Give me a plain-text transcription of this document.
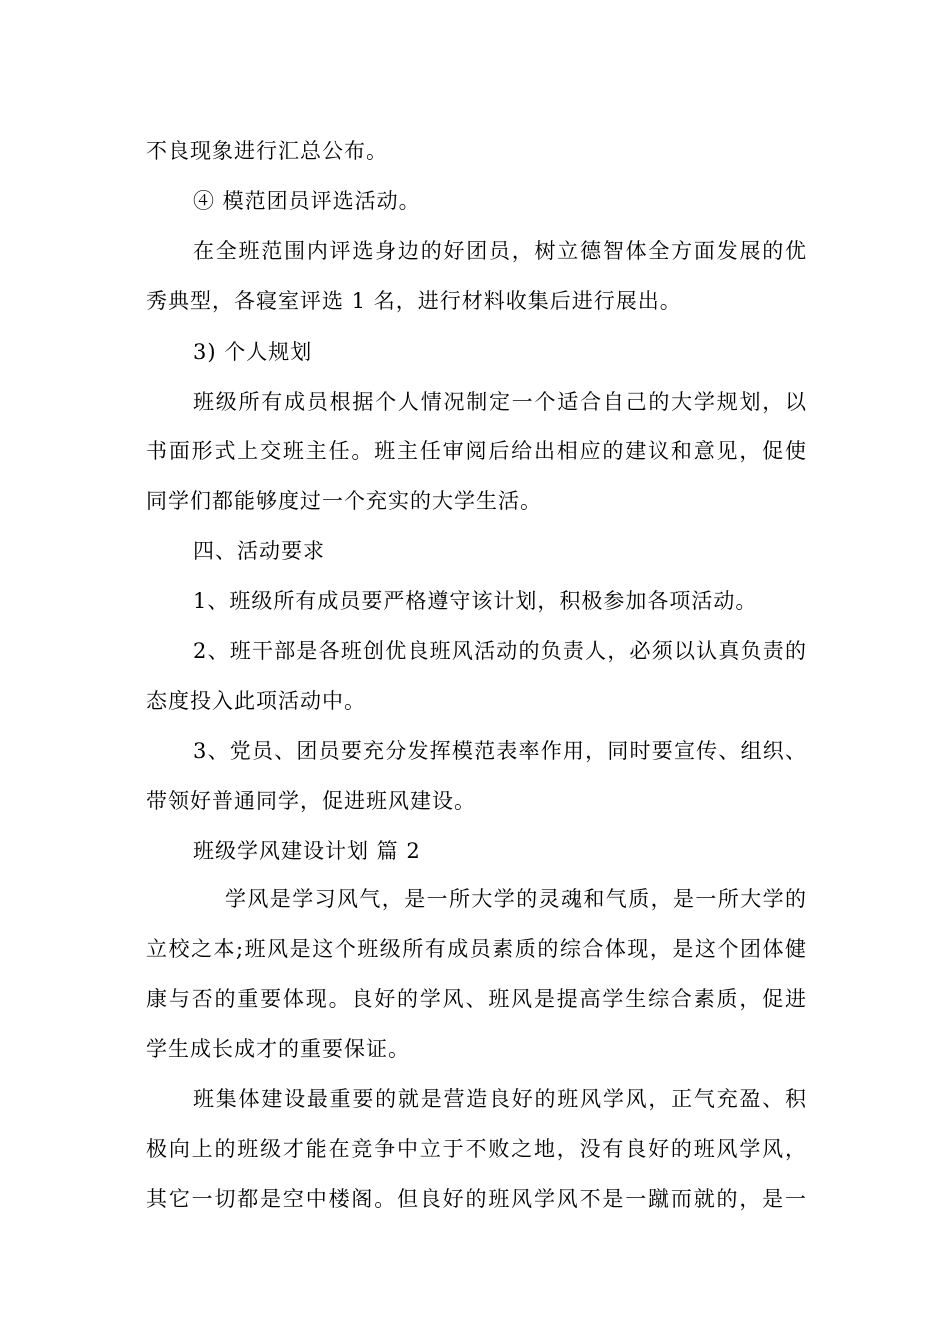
不良现象进行汇总公布。
④ 模范团员评选活动。
在全班范围内评选身边的好团员，树立德智体全方面发展的优
秀典型，各寝室评选 1 名，进行材料收集后进行展出。
3) 个人规划
班级所有成员根据个人情况制定一个适合自己的大学规划，以
书面形式上交班主任。班主任审阅后给出相应的建议和意见，促使
同学们都能够度过一个充实的大学生活。
四、活动要求
1、班级所有成员要严格遵守该计划，积极参加各项活动。
2、班干部是各班创优良班风活动的负责人，必须以认真负责的
态度投入此项活动中。
3、党员、团员要充分发挥模范表率作用，同时要宣传、组织、
带领好普通同学，促进班风建设。
班级学风建设计划 篇 2
学风是学习风气，是一所大学的灵魂和气质，是一所大学的
立校之本;班风是这个班级所有成员素质的综合体现，是这个团体健
康与否的重要体现。良好的学风、班风是提高学生综合素质，促进
学生成长成才的重要保证。
班集体建设最重要的就是营造良好的班风学风，正气充盈、积
极向上的班级才能在竞争中立于不败之地，没有良好的班风学风，
其它一切都是空中楼阁。但良好的班风学风不是一蹴而就的，是一
